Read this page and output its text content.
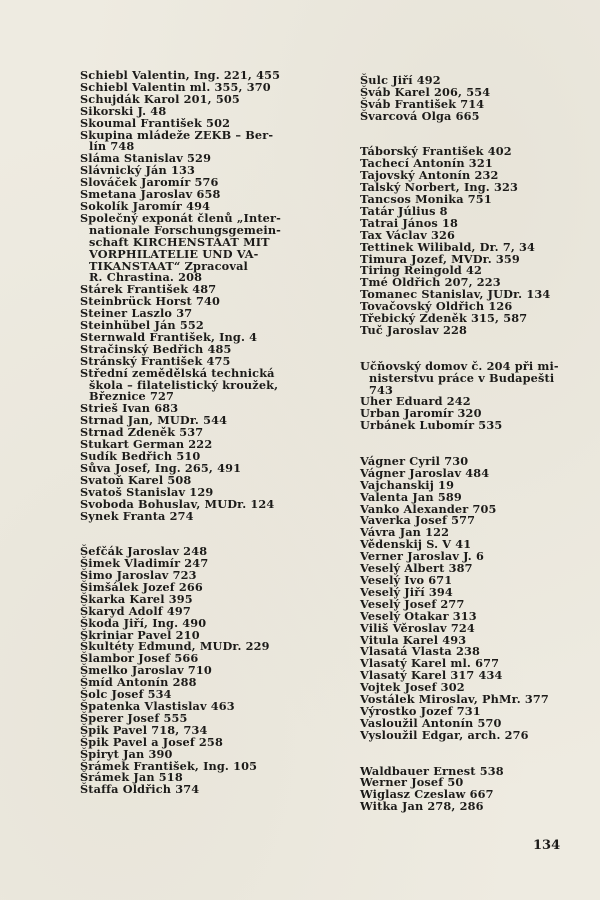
Schiebl Valentin, Ing. 221, 455
Schiebl Valentin ml. 355, 370
Schujdák Karol 201, 505
Sikorski J. 48
Skoumal František 502
Skupina mládeže ZEKB – Ber-
lín 748
Sláma Stanislav 529
Slávnický Ján 133
Slováček Jaromír 576
Smetana Jaroslav 658
Sokolík Jaromír 494
Společný exponát členů „Inter-
nationale Forschungsgemein-
schaft KIRCHENSTAAT MIT
VORPHILATELIE UND VA-
TIKANSTAAT“ Zpracoval
R. Chrastina. 208
Stárek František 487
Steinbrück Horst 740
Steiner Laszlo 37
Steinhübel Ján 552
Sternwald František, Ing. 4
Stračinský Bedřich 485
Stránský František 475
Střední zemědělská technická
škola – filatelistický kroužek,
Březnice 727
Strieš Ivan 683
Strnad Jan, MUDr. 544
Strnad Zdeněk 537
Stukart German 222
Sudík Bedřich 510
Sůva Josef, Ing. 265, 491
Svatoň Karel 508
Svatoš Stanislav 129
Svoboda Bohuslav, MUDr. 124
Synek Franta 274
Šefčák Jaroslav 248
Šimek Vladimír 247
Šimo Jaroslav 723
Šimšálek Jozef 266
Škarka Karel 395
Škaryd Adolf 497
Škoda Jiří, Ing. 490
Škriniar Pavel 210
Škultéty Edmund, MUDr. 229
Šlambor Josef 566
Šmelko Jaroslav 710
Šmíd Antonín 288
Šolc Josef 534
Špatenka Vlastislav 463
Šperer Josef 555
Špik Pavel 718, 734
Špik Pavel a Josef 258
Špiryt Jan 390
Šrámek František, Ing. 105
Šrámek Jan 518
Štaffa Oldřich 374
Šulc Jiří 492
Šváb Karel 206, 554
Šváb František 714
Švarcová Olga 665
Táborský František 402
Tachecí Antonín 321
Tajovský Antonín 232
Talský Norbert, Ing. 323
Tancsos Monika 751
Tatár Július 8
Tatrai János 18
Tax Václav 326
Tettinek Wilibald, Dr. 7, 34
Timura Jozef, MVDr. 359
Tiring Reingold 42
Tmé Oldřich 207, 223
Tomanec Stanislav, JUDr. 134
Tovačovský Oldřich 126
Třebický Zdeněk 315, 587
Tuč Jaroslav 228
Učňovský domov č. 204 při mi-
nisterstvu práce v Budapešti
743
Uher Eduard 242
Urban Jaromír 320
Urbánek Lubomír 535
Vágner Cyril 730
Vágner Jaroslav 484
Vajchanskij 19
Valenta Jan 589
Vanko Alexander 705
Vaverka Josef 577
Vávra Jan 122
Vědenskij S. V 41
Verner Jaroslav J. 6
Veselý Albert 387
Veselý Ivo 671
Veselý Jiří 394
Veselý Josef 277
Veselý Otakar 313
Viliš Věroslav 724
Vitula Karel 493
Vlasatá Vlasta 238
Vlasatý Karel ml. 677
Vlasatý Karel 317 434
Vojtek Josef 302
Vostálek Miroslav, PhMr. 377
Výrostko Jozef 731
Vasloužil Antonín 570
Vysloužil Edgar, arch. 276
Waldbauer Ernest 538
Werner Josef 50
Wiglasz Czeslaw 667
Witka Jan 278, 286
134
